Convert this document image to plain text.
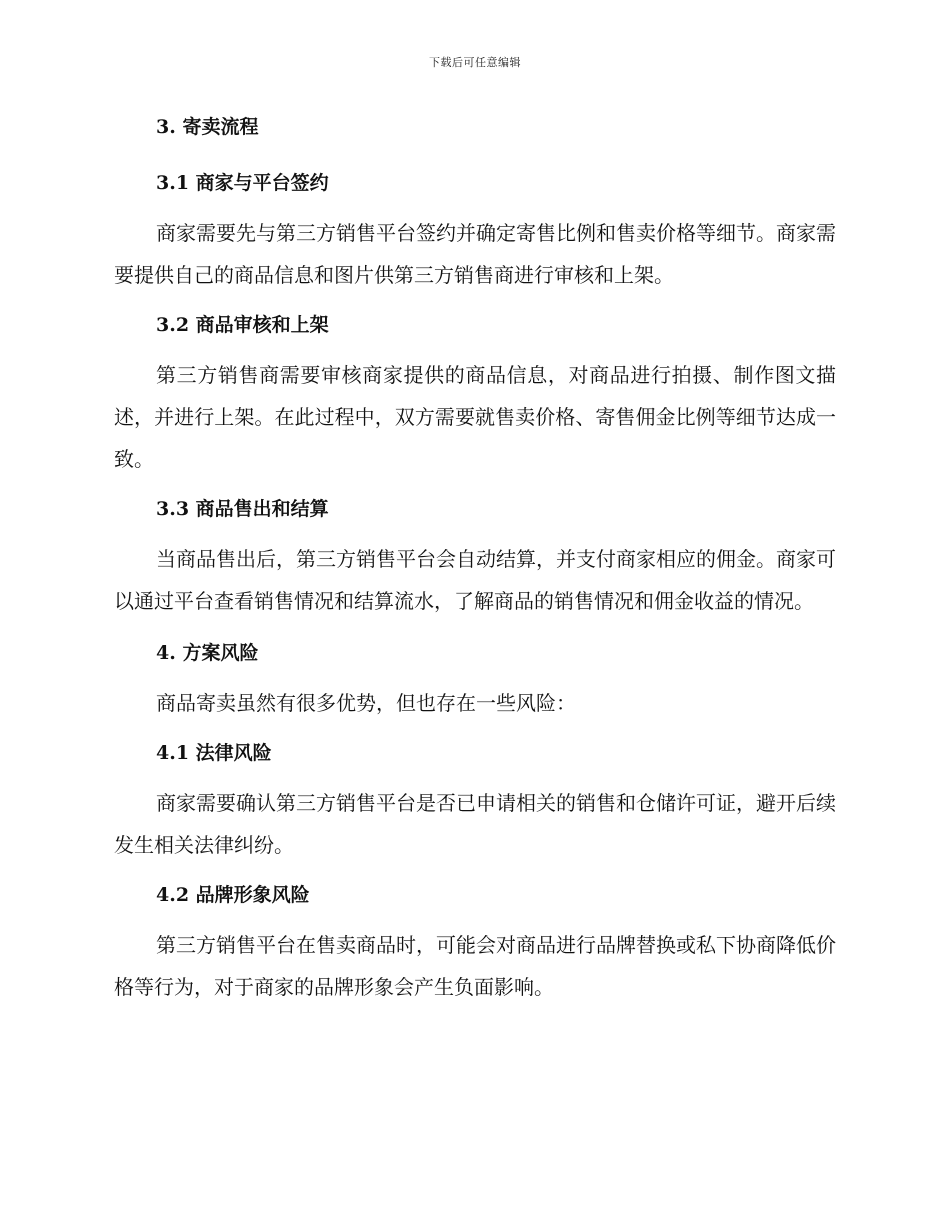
下载后可任意编辑
3. 寄卖流程
3.1 商家与平台签约

商家需要先与第三方销售平台签约并确定寄售比例和售卖价格等细节。商家需要提供自己的商品信息和图片供第三方销售商进行审核和上架。

3.2 商品审核和上架

第三方销售商需要审核商家提供的商品信息，对商品进行拍摄、制作图文描述，并进行上架。在此过程中，双方需要就售卖价格、寄售佣金比例等细节达成一致。

3.3 商品售出和结算

当商品售出后，第三方销售平台会自动结算，并支付商家相应的佣金。商家可以通过平台查看销售情况和结算流水，了解商品的销售情况和佣金收益的情况。

4. 方案风险

商品寄卖虽然有很多优势，但也存在一些风险：

4.1 法律风险

商家需要确认第三方销售平台是否已申请相关的销售和仓储许可证，避开后续发生相关法律纠纷。

4.2 品牌形象风险

第三方销售平台在售卖商品时，可能会对商品进行品牌替换或私下协商降低价格等行为，对于商家的品牌形象会产生负面影响。
